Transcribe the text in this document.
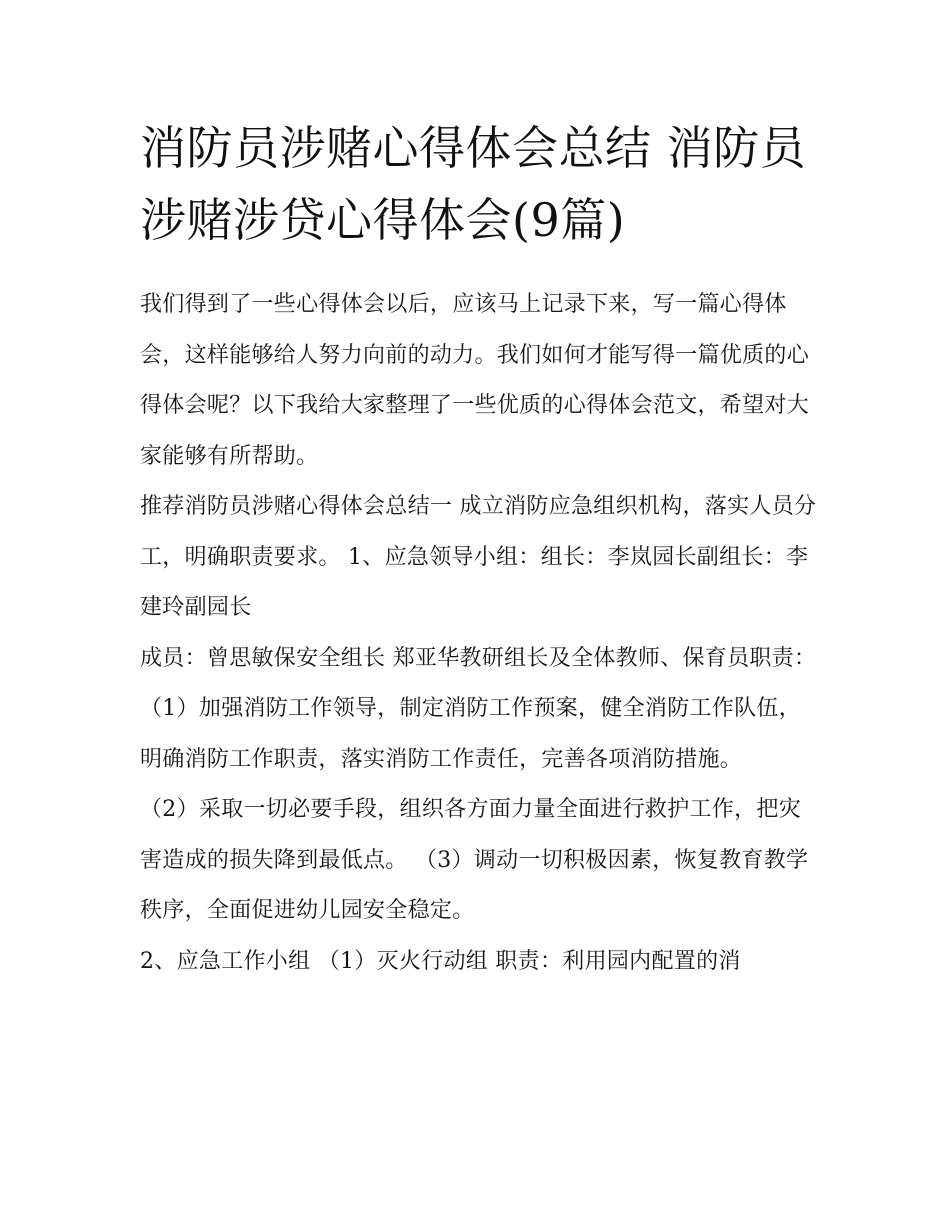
消防员涉赌心得体会总结 消防员涉赌涉贷心得体会(9篇)

我们得到了一些心得体会以后，应该马上记录下来，写一篇心得体会，这样能够给人努力向前的动力。我们如何才能写得一篇优质的心得体会呢？以下我给大家整理了一些优质的心得体会范文，希望对大家能够有所帮助。

推荐消防员涉赌心得体会总结一 成立消防应急组织机构，落实人员分工，明确职责要求。 1、应急领导小组：组长：李岚园长副组长：李建玲副园长

成员：曾思敏保安全组长 郑亚华教研组长及全体教师、保育员职责：

（1）加强消防工作领导，制定消防工作预案，健全消防工作队伍，明确消防工作职责，落实消防工作责任，完善各项消防措施。

（2）采取一切必要手段，组织各方面力量全面进行救护工作，把灾害造成的损失降到最低点。 （3）调动一切积极因素，恢复教育教学秩序，全面促进幼儿园安全稳定。

2、应急工作小组 （1）灭火行动组 职责：利用园内配置的消
